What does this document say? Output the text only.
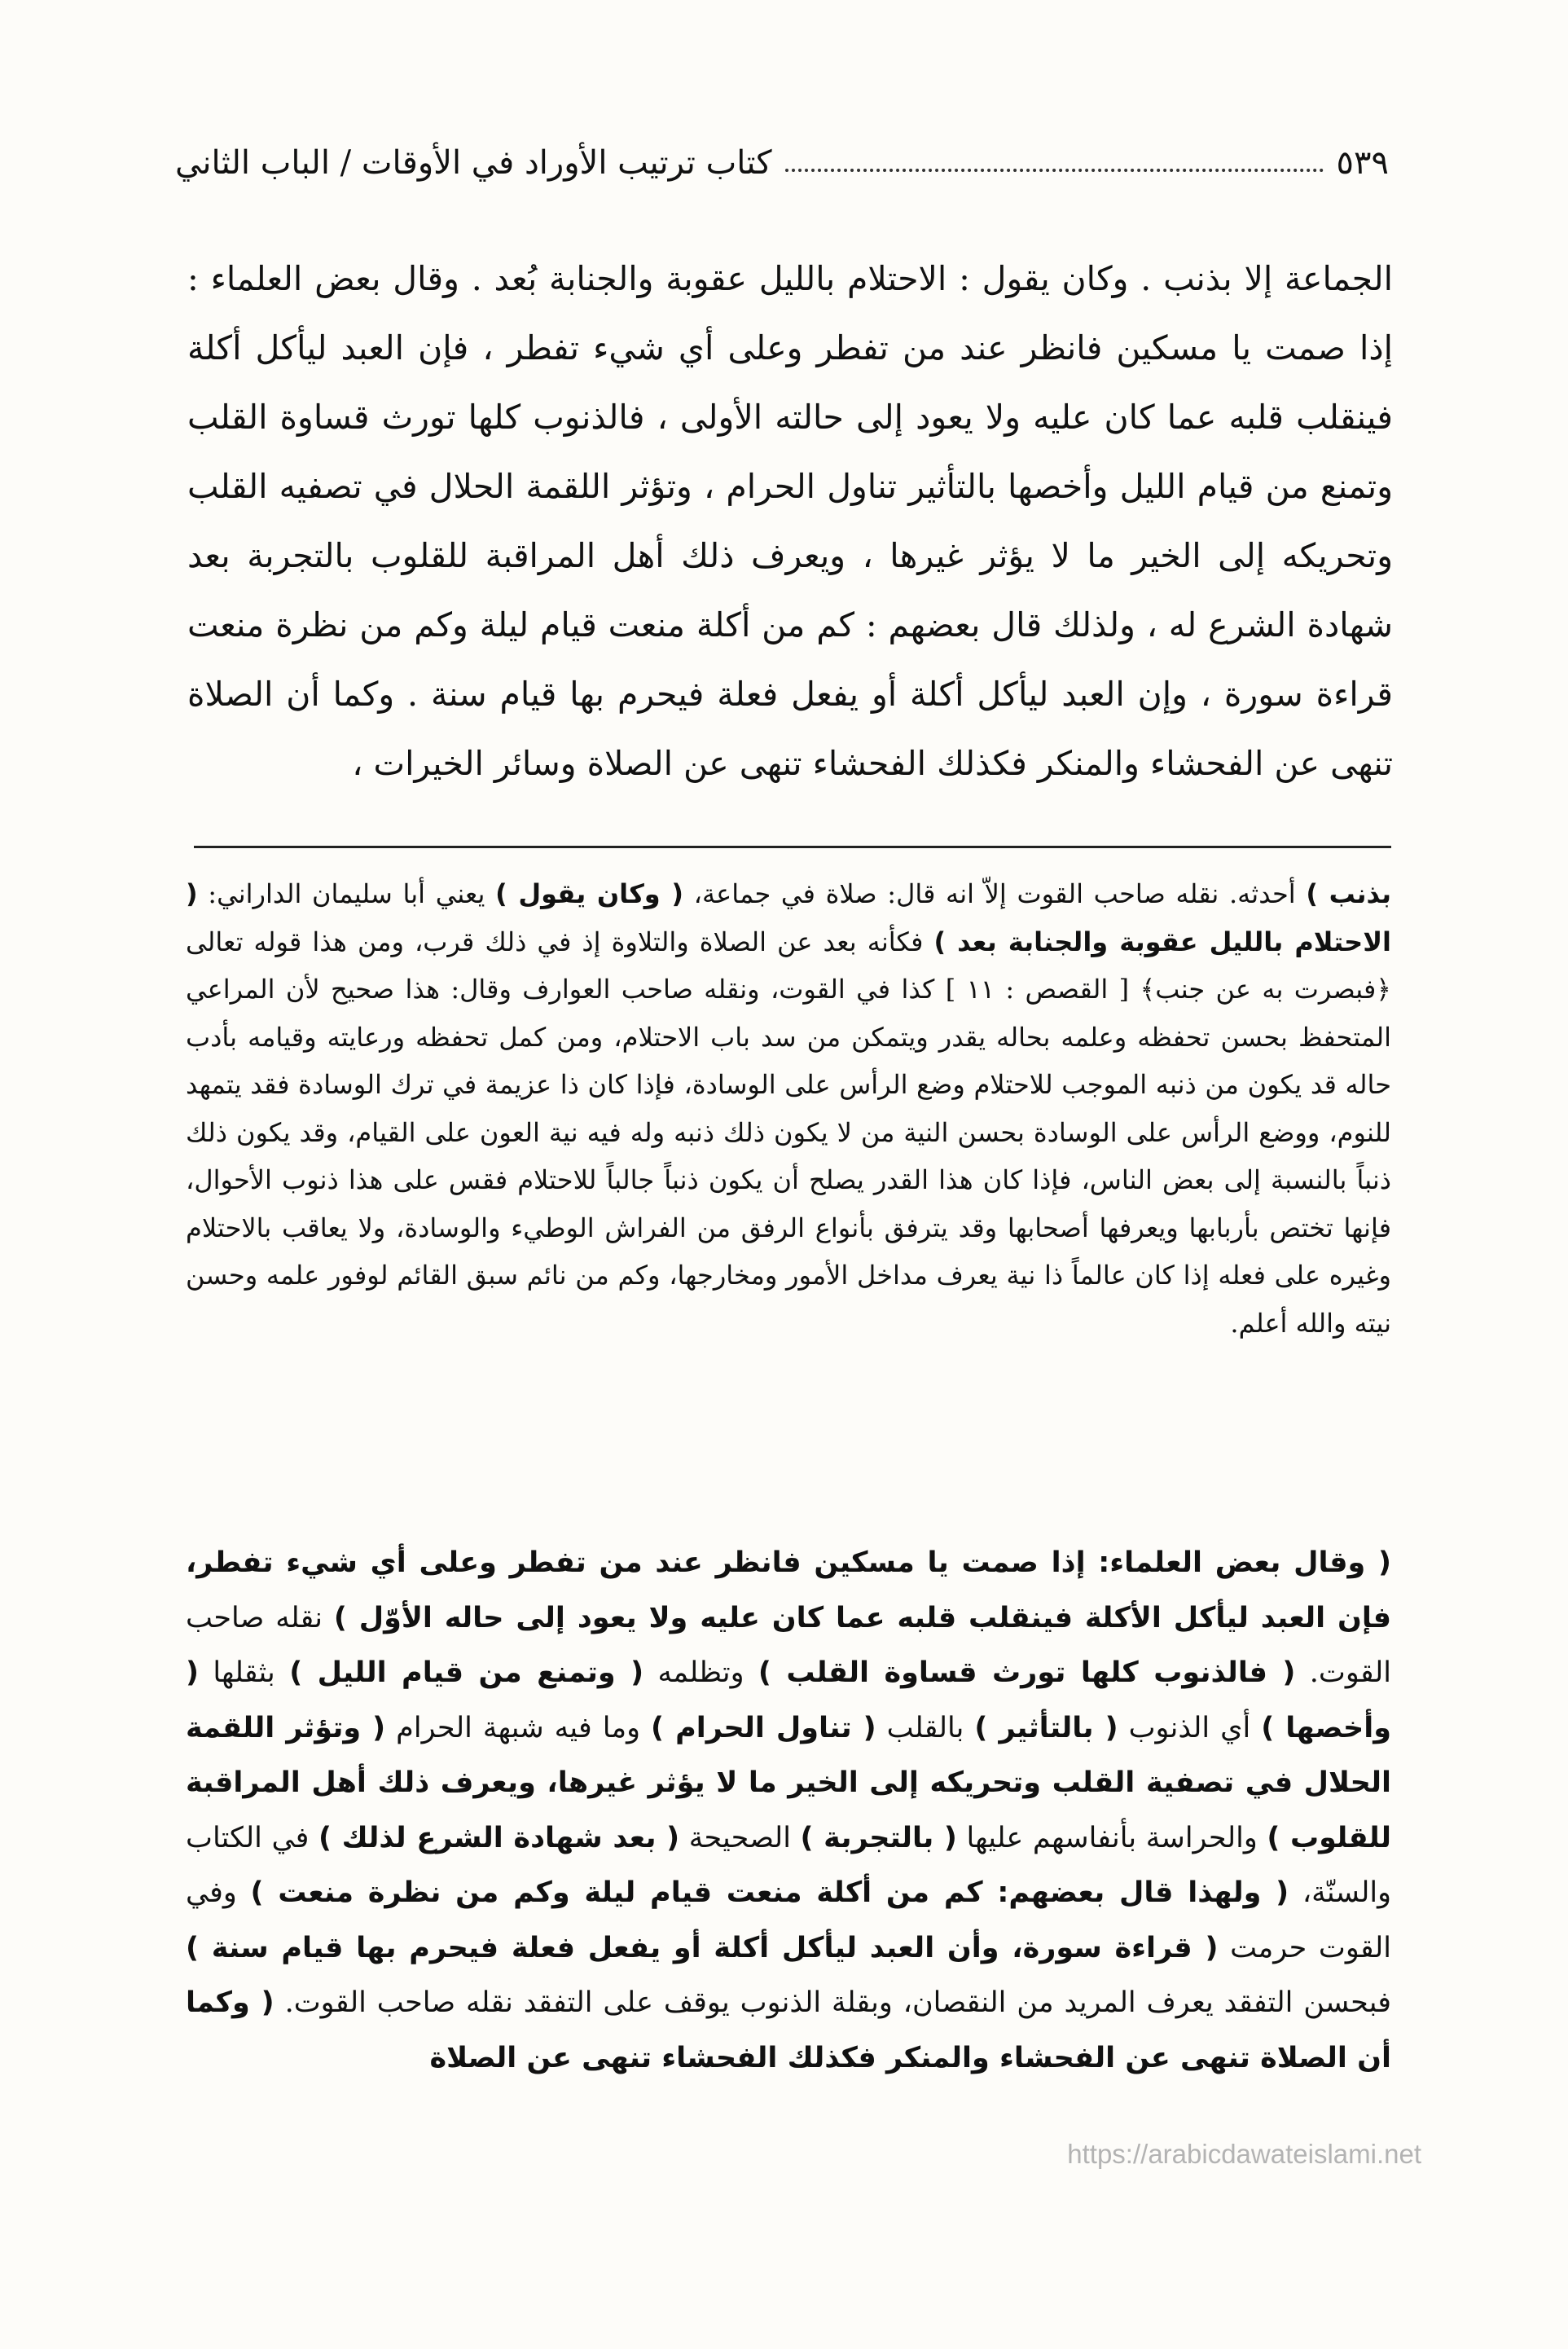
كتاب ترتيب الأوراد في الأوقات / الباب الثاني	٥٣٩

الجماعة إلا بذنب . وكان يقول : الاحتلام بالليل عقوبة والجنابة بُعد . وقال بعض العلماء : إذا صمت يا مسكين فانظر عند من تفطر وعلى أي شيء تفطر ، فإن العبد ليأكل أكلة فينقلب قلبه عما كان عليه ولا يعود إلى حالته الأولى ، فالذنوب كلها تورث قساوة القلب وتمنع من قيام الليل وأخصها بالتأثير تناول الحرام ، وتؤثر اللقمة الحلال في تصفيه القلب وتحريكه إلى الخير ما لا يؤثر غيرها ، ويعرف ذلك أهل المراقبة للقلوب بالتجربة بعد شهادة الشرع له ، ولذلك قال بعضهم : كم من أكلة منعت قيام ليلة وكم من نظرة منعت قراءة سورة ، وإن العبد ليأكل أكلة أو يفعل فعلة فيحرم بها قيام سنة . وكما أن الصلاة تنهى عن الفحشاء والمنكر فكذلك الفحشاء تنهى عن الصلاة وسائر الخيرات ،

بذنب ) أحدثه. نقله صاحب القوت إلاّ انه قال: صلاة في جماعة، ( وكان يقول ) يعني أبا سليمان الداراني: ( الاحتلام بالليل عقوبة والجنابة بعد ) فكأنه بعد عن الصلاة والتلاوة إذ في ذلك قرب، ومن هذا قوله تعالى ﴿فبصرت به عن جنب﴾ [ القصص : ١١ ] كذا في القوت، ونقله صاحب العوارف وقال: هذا صحيح لأن المراعي المتحفظ بحسن تحفظه وعلمه بحاله يقدر ويتمكن من سد باب الاحتلام، ومن كمل تحفظه ورعايته وقيامه بأدب حاله قد يكون من ذنبه الموجب للاحتلام وضع الرأس على الوسادة، فإذا كان ذا عزيمة في ترك الوسادة فقد يتمهد للنوم، ووضع الرأس على الوسادة بحسن النية من لا يكون ذلك ذنبه وله فيه نية العون على القيام، وقد يكون ذلك ذنباً بالنسبة إلى بعض الناس، فإذا كان هذا القدر يصلح أن يكون ذنباً جالباً للاحتلام فقس على هذا ذنوب الأحوال، فإنها تختص بأربابها ويعرفها أصحابها وقد يترفق بأنواع الرفق من الفراش الوطيء والوسادة، ولا يعاقب بالاحتلام وغيره على فعله إذا كان عالماً ذا نية يعرف مداخل الأمور ومخارجها، وكم من نائم سبق القائم لوفور علمه وحسن نيته والله أعلم.

( وقال بعض العلماء: إذا صمت يا مسكين فانظر عند من تفطر وعلى أي شيء تفطر، فإن العبد ليأكل الأكلة فينقلب قلبه عما كان عليه ولا يعود إلى حاله الأوّل ) نقله صاحب القوت. ( فالذنوب كلها تورث قساوة القلب ) وتظلمه ( وتمنع من قيام الليل ) بثقلها ( وأخصها ) أي الذنوب ( بالتأثير ) بالقلب ( تناول الحرام ) وما فيه شبهة الحرام ( وتؤثر اللقمة الحلال في تصفية القلب وتحريكه إلى الخير ما لا يؤثر غيرها، ويعرف ذلك أهل المراقبة للقلوب ) والحراسة بأنفاسهم عليها ( بالتجربة ) الصحيحة ( بعد شهادة الشرع لذلك ) في الكتاب والسنّة، ( ولهذا قال بعضهم: كم من أكلة منعت قيام ليلة وكم من نظرة منعت ) وفي القوت حرمت ( قراءة سورة، وأن العبد ليأكل أكلة أو يفعل فعلة فيحرم بها قيام سنة ) فبحسن التفقد يعرف المريد من النقصان، وبقلة الذنوب يوقف على التفقد نقله صاحب القوت. ( وكما أن الصلاة تنهى عن الفحشاء والمنكر فكذلك الفحشاء تنهى عن الصلاة

https://arabicdawateislami.net
